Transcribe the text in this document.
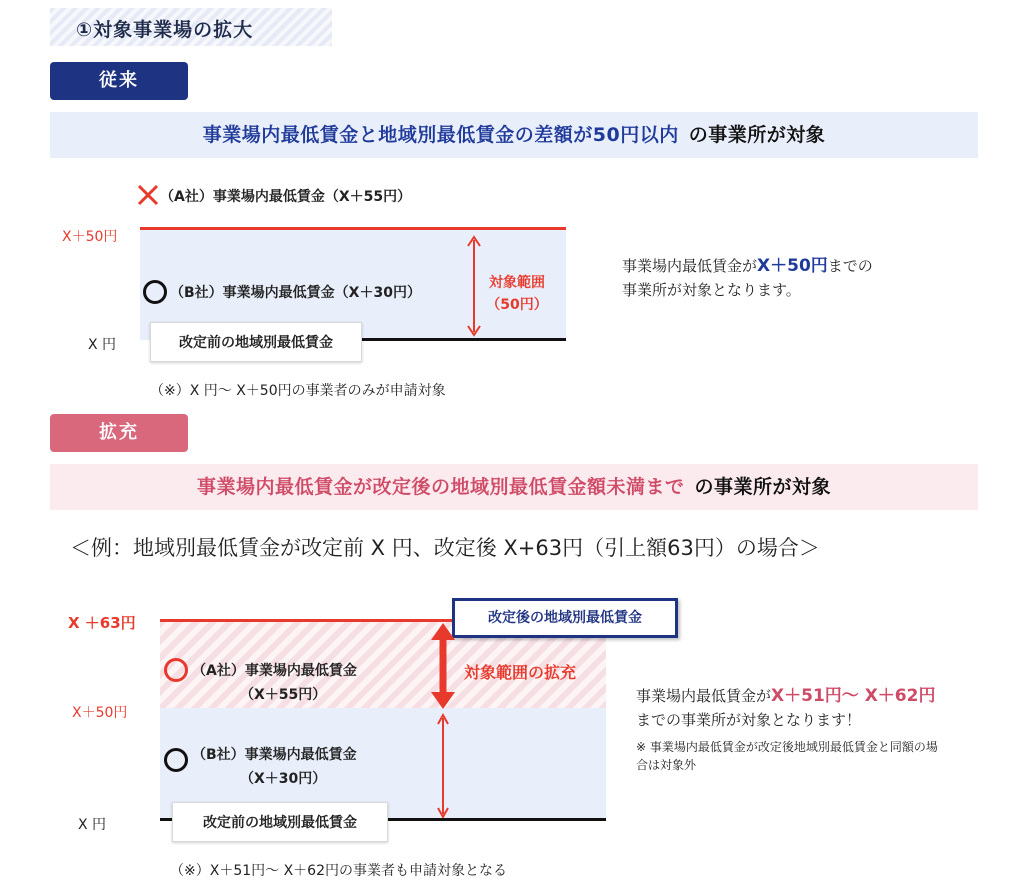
①対象事業場の拡大
従来
事業場内最低賃金と地域別最低賃金の差額が50円以内 の事業所が対象
（A社）事業場内最低賃金（X＋55円）
X＋50円
（B社）事業場内最低賃金（X＋30円）
対象範囲
（50円）
X 円	改定前の地域別最低賃金
（※）X 円〜 X＋50円の事業者のみが申請対象
事業場内最低賃金がX＋50円までの
事業所が対象となります。
拡充
事業場内最低賃金が改定後の地域別最低賃金額未満まで の事業所が対象
＜例：地域別最低賃金が改定前 X 円、改定後 X+63円（引上額63円）の場合＞
X ＋63円	改定後の地域別最低賃金
（A社）事業場内最低賃金
（X＋55円）
対象範囲の拡充
X＋50円
（B社）事業場内最低賃金
（X＋30円）
X 円	改定前の地域別最低賃金
（※）X＋51円〜 X＋62円の事業者も申請対象となる
事業場内最低賃金がX＋51円〜 X＋62円
までの事業所が対象となります！
※ 事業場内最低賃金が改定後地域別最低賃金と同額の場
合は対象外
